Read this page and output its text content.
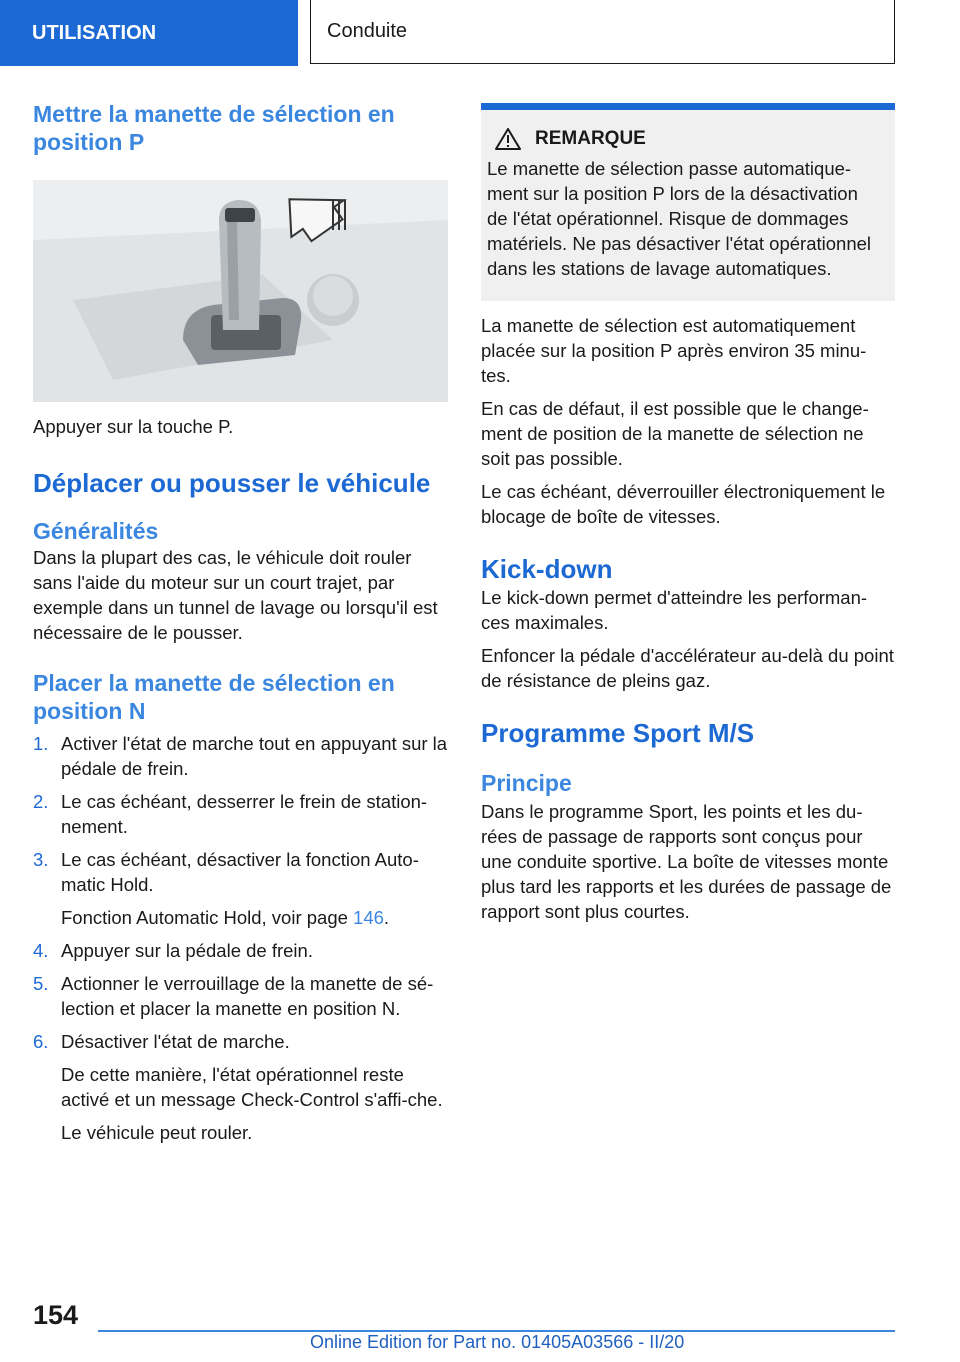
UTILISATION	Conduite
Mettre la manette de sélection en position P

Appuyer sur la touche P.

Déplacer ou pousser le véhicule
Généralités

Dans la plupart des cas, le véhicule doit rouler sans l'aide du moteur sur un court trajet, par exemple dans un tunnel de lavage ou lorsqu'il est nécessaire de le pousser.

Placer la manette de sélection en position N
1. Activer l'état de marche tout en appuyant sur la pédale de frein.
2. Le cas échéant, desserrer le frein de station-nement.
3. Le cas échéant, désactiver la fonction Auto-matic Hold.

Fonction Automatic Hold, voir page 146.

4. Appuyer sur la pédale de frein.
5. Actionner le verrouillage de la manette de sé-lection et placer la manette en position N.
6. Désactiver l'état de marche.

De cette manière, l'état opérationnel reste activé et un message Check-Control s'affi-che.

Le véhicule peut rouler.

REMARQUE

Le manette de sélection passe automatique-ment sur la position P lors de la désactivation de l'état opérationnel. Risque de dommages matériels. Ne pas désactiver l'état opérationnel dans les stations de lavage automatiques.

La manette de sélection est automatiquement placée sur la position P après environ 35 minu-tes.

En cas de défaut, il est possible que le change-ment de position de la manette de sélection ne soit pas possible.

Le cas échéant, déverrouiller électroniquement le blocage de boîte de vitesses.

Kick-down

Le kick-down permet d'atteindre les performan-ces maximales.

Enfoncer la pédale d'accélérateur au-delà du point de résistance de pleins gaz.

Programme Sport M/S
Principe

Dans le programme Sport, les points et les du-rées de passage de rapports sont conçus pour une conduite sportive. La boîte de vitesses monte plus tard les rapports et les durées de passage de rapport sont plus courtes.

154
Online Edition for Part no. 01405A03566 - II/20
